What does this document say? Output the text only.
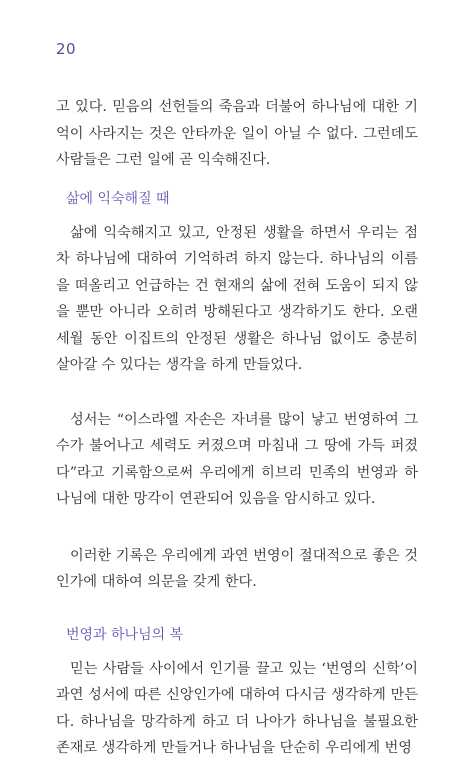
20

고 있다. 믿음의 선헌들의 죽음과 더불어 하나님에 대한 기억이 사라지는 것은 안타까운 일이 아닐 수 없다. 그런데도 사람들은 그런 일에 곧 익숙해진다.

삶에 익숙해질 때

삶에 익숙해지고 있고, 안정된 생활을 하면서 우리는 점차 하나님에 대하여 기억하려 하지 않는다. 하나님의 이름을 떠올리고 언급하는 건 현재의 삶에 전혀 도움이 되지 않을 뿐만 아니라 오히려 방해된다고 생각하기도 한다. 오랜 세월 동안 이집트의 안정된 생활은 하나님 없이도 충분히 살아갈 수 있다는 생각을 하게 만들었다.

성서는 “이스라엘 자손은 자녀를 많이 낳고 번영하여 그 수가 불어나고 세력도 커졌으며 마침내 그 땅에 가득 퍼졌다”라고 기록함으로써 우리에게 히브리 민족의 번영과 하나님에 대한 망각이 연관되어 있음을 암시하고 있다.

이러한 기록은 우리에게 과연 번영이 절대적으로 좋은 것인가에 대하여 의문을 갖게 한다.

번영과 하나님의 복

믿는 사람들 사이에서 인기를 끌고 있는 ‘번영의 신학’이 과연 성서에 따른 신앙인가에 대하여 다시금 생각하게 만든다. 하나님을 망각하게 하고 더 나아가 하나님을 불필요한 존재로 생각하게 만들거나 하나님을 단순히 우리에게 번영
